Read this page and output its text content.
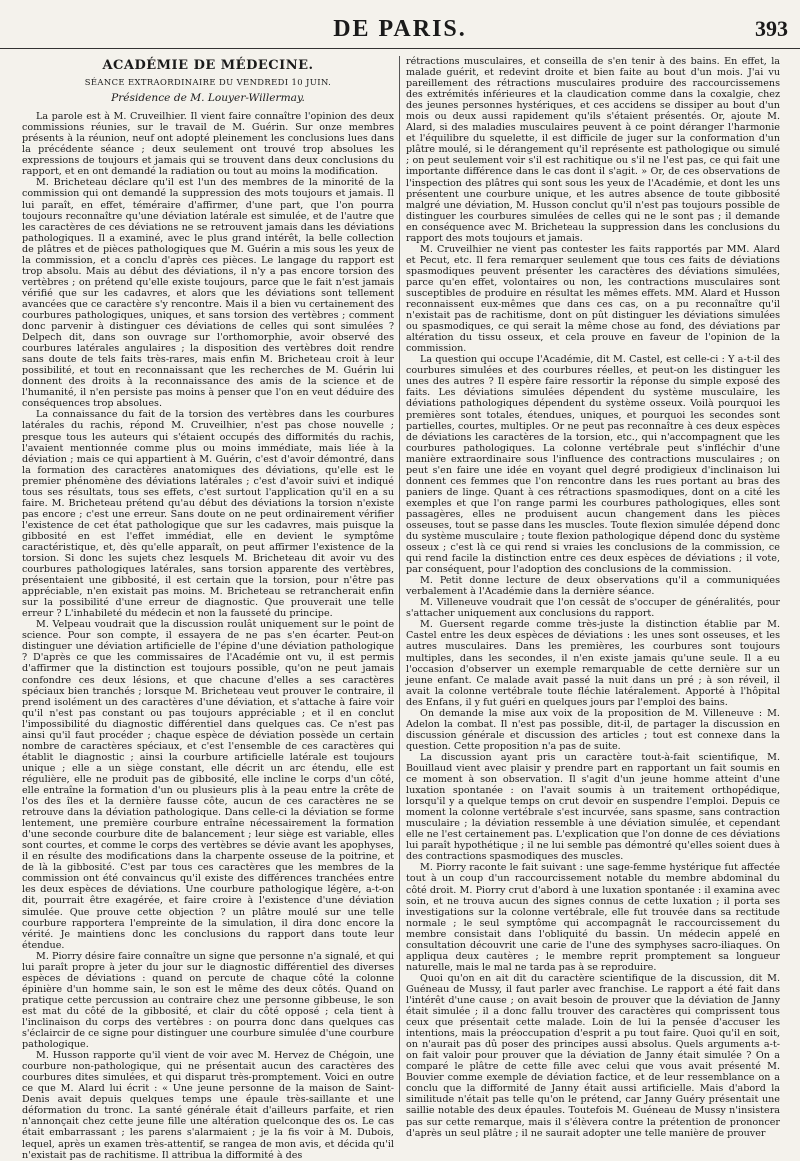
DE PARIS.	393
ACADÉMIE DE MÉDECINE.
SÉANCE EXTRAORDINAIRE DU VENDREDI 10 JUIN.
Présidence de M. Louyer-Willermay.

La parole est à M. Cruveilhier. Il vient faire connaître l'opinion des deux commissions réunies, sur le travail de M. Guérin. Sur onze membres présents à la réunion, neuf ont adopté pleinement les conclusions lues dans la précédente séance ; deux seulement ont trouvé trop absolues les expressions de toujours et jamais qui se trouvent dans deux conclusions du rapport, et en ont demandé la radiation ou tout au moins la modification.

M. Bricheteau déclare qu'il est l'un des membres de la minorité de la commission qui ont demandé la suppression des mots toujours et jamais. Il lui paraît, en effet, téméraire d'affirmer, d'une part, que l'on pourra toujours reconnaître qu'une déviation latérale est simulée, et de l'autre que les caractères de ces déviations ne se retrouvent jamais dans les déviations pathologiques. Il a examiné, avec le plus grand intérêt, la belle collection de plâtres et de pièces pathologiques que M. Guérin a mis sous les yeux de la commission, et a conclu d'après ces pièces. Le langage du rapport est trop absolu. Mais au début des déviations, il n'y a pas encore torsion des vertèbres ; on prétend qu'elle existe toujours, parce que le fait n'est jamais vérifié que sur les cadavres, et alors que les déviations sont tellement avancées que ce caractère s'y rencontre. Mais il a bien vu certainement des courbures pathologiques, uniques, et sans torsion des vertèbres ; comment donc parvenir à distinguer ces déviations de celles qui sont simulées ? Delpech dit, dans son ouvrage sur l'orthomorphie, avoir observé des courbures latérales angulaires ; la disposition des vertèbres doit rendre sans doute de tels faits très-rares, mais enfin M. Bricheteau croit à leur possibilité, et tout en reconnaissant que les recherches de M. Guérin lui donnent des droits à la reconnaissance des amis de la science et de l'humanité, il n'en persiste pas moins à penser que l'on en veut déduire des conséquences trop absolues.

La connaissance du fait de la torsion des vertèbres dans les courbures latérales du rachis, répond M. Cruveilhier, n'est pas chose nouvelle ; presque tous les auteurs qui s'étaient occupés des difformités du rachis, l'avaient mentionnée comme plus ou moins immédiate, mais liée à la déviation ; mais ce qui appartient à M. Guérin, c'est d'avoir démontré, dans la formation des caractères anatomiques des déviations, qu'elle est le premier phénomène des déviations latérales ; c'est d'avoir suivi et indiqué tous ses résultats, tous ses effets, c'est surtout l'application qu'il en a su faire. M. Bricheteau prétend qu'au début des déviations la torsion n'existe pas encore ; c'est une erreur. Sans doute on ne peut ordinairement vérifier l'existence de cet état pathologique que sur les cadavres, mais puisque la gibbosité en est l'effet immédiat, elle en devient le symptôme caractéristique, et, dès qu'elle apparaît, on peut affirmer l'existence de la torsion. Si donc les sujets chez lesquels M. Bricheteau dit avoir vu des courbures pathologiques latérales, sans torsion apparente des vertèbres, présentaient une gibbosité, il est certain que la torsion, pour n'être pas appréciable, n'en existait pas moins. M. Bricheteau se retrancherait enfin sur la possibilité d'une erreur de diagnostic. Que prouverait une telle erreur ? L'inhabileté du médecin et non la fausseté du principe.

M. Velpeau voudrait que la discussion roulât uniquement sur le point de science. Pour son compte, il essayera de ne pas s'en écarter. Peut-on distinguer une déviation artificielle de l'épine d'une déviation pathologique ? D'après ce que les commissaires de l'Académie ont vu, il est permis d'affirmer que la distinction est toujours possible, qu'on ne peut jamais confondre ces deux lésions, et que chacune d'elles a ses caractères spéciaux bien tranchés ; lorsque M. Bricheteau veut prouver le contraire, il prend isolément un des caractères d'une déviation, et s'attache à faire voir qu'il n'est pas constant ou pas toujours appréciable ; et il en conclut l'impossibilité du diagnostic différentiel dans quelques cas. Ce n'est pas ainsi qu'il faut procéder ; chaque espèce de déviation possède un certain nombre de caractères spéciaux, et c'est l'ensemble de ces caractères qui établit le diagnostic ; ainsi la courbure artificielle latérale est toujours unique ; elle a un siège constant, elle décrit un arc étendu, elle est régulière, elle ne produit pas de gibbosité, elle incline le corps d'un côté, elle entraîne la formation d'un ou plusieurs plis à la peau entre la crête de l'os des îles et la dernière fausse côte, aucun de ces caractères ne se retrouve dans la déviation pathologique. Dans celle-ci la déviation se forme lentement, une première courbure entraîne nécessairement la formation d'une seconde courbure dite de balancement ; leur siège est variable, elles sont courtes, et comme le corps des vertèbres se dévie avant les apophyses, il en résulte des modifications dans la charpente osseuse de la poitrine, et de là la gibbosité. C'est par tous ces caractères que les membres de la commission ont été convaincus qu'il existe des différences tranchées entre les deux espèces de déviations. Une courbure pathologique légère, a-t-on dit, pourrait être exagérée, et faire croire à l'existence d'une déviation simulée. Que prouve cette objection ? un plâtre moulé sur une telle courbure rapportera l'empreinte de la simulation, il dira donc encore la vérité. Je maintiens donc les conclusions du rapport dans toute leur étendue.

M. Piorry désire faire connaître un signe que personne n'a signalé, et qui lui paraît propre à jeter du jour sur le diagnostic différentiel des diverses espèces de déviations : quand on percute de chaque côté la colonne épinière d'un homme sain, le son est le même des deux côtés. Quand on pratique cette percussion au contraire chez une personne gibbeuse, le son est mat du côté de la gibbosité, et clair du côté opposé ; cela tient à l'inclinaison du corps des vertèbres : on pourra donc dans quelques cas s'éclaircir de ce signe pour distinguer une courbure simulée d'une courbure pathologique.

M. Husson rapporte qu'il vient de voir avec M. Hervez de Chégoin, une courbure non-pathologique, qui ne présentait aucun des caractères des courbures dites simulées, et qui disparut très-promptement. Voici en outre ce que M. Alard lui écrit : « Une jeune personne de la maison de Saint-Denis avait depuis quelques temps une épaule très-saillante et une déformation du tronc. La santé générale était d'ailleurs parfaite, et rien n'annonçait chez cette jeune fille une altération quelconque des os. Le cas était embarrassant ; les parens s'alarmaient ; je la fis voir à M. Dubois, lequel, après un examen très-attentif, se rangea de mon avis, et décida qu'il n'existait pas de rachitisme. Il attribua la difformité à des

rétractions musculaires, et conseilla de s'en tenir à des bains. En effet, la malade guérit, et redevint droite et bien faite au bout d'un mois. J'ai vu pareillement des rétractions musculaires produire des raccourcissemens des extrémités inférieures et la claudication comme dans la coxalgie, chez des jeunes personnes hystériques, et ces accidens se dissiper au bout d'un mois ou deux aussi rapidement qu'ils s'étaient présentés. Or, ajoute M. Alard, si des maladies musculaires peuvent à ce point déranger l'harmonie et l'équilibre du squelette, il est difficile de juger sur la conformation d'un plâtre moulé, si le dérangement qu'il représente est pathologique ou simulé ; on peut seulement voir s'il est rachitique ou s'il ne l'est pas, ce qui fait une importante différence dans le cas dont il s'agit. » Or, de ces observations de l'inspection des plâtres qui sont sous les yeux de l'Académie, et dont les uns présentent une courbure unique, et les autres absence de toute gibbosité malgré une déviation, M. Husson conclut qu'il n'est pas toujours possible de distinguer les courbures simulées de celles qui ne le sont pas ; il demande en conséquence avec M. Bricheteau la suppression dans les conclusions du rapport des mots toujours et jamais.

M. Cruveilhier ne vient pas contester les faits rapportés par MM. Alard et Pecut, etc. Il fera remarquer seulement que tous ces faits de déviations spasmodiques peuvent présenter les caractères des déviations simulées, parce qu'en effet, volontaires ou non, les contractions musculaires sont susceptibles de produire en résultat les mêmes effets. MM. Alard et Husson reconnaissent eux-mêmes que dans ces cas, on a pu reconnaître qu'il n'existait pas de rachitisme, dont on pût distinguer les déviations simulées ou spasmodiques, ce qui serait la même chose au fond, des déviations par altération du tissu osseux, et cela prouve en faveur de l'opinion de la commission.

La question qui occupe l'Académie, dit M. Castel, est celle-ci : Y a-t-il des courbures simulées et des courbures réelles, et peut-on les distinguer les unes des autres ? Il espère faire ressortir la réponse du simple exposé des faits. Les déviations simulées dépendent du système musculaire, les déviations pathologiques dépendent du système osseux. Voilà pourquoi les premières sont totales, étendues, uniques, et pourquoi les secondes sont partielles, courtes, multiples. Or ne peut pas reconnaître à ces deux espèces de déviations les caractères de la torsion, etc., qui n'accompagnent que les courbures pathologiques. La colonne vertébrale peut s'infléchir d'une manière extraordinaire sous l'influence des contractions musculaires ; on peut s'en faire une idée en voyant quel degré prodigieux d'inclinaison lui donnent ces femmes que l'on rencontre dans les rues portant au bras des paniers de linge. Quant à ces rétractions spasmodiques, dont on a cité les exemples et que l'on range parmi les courbures pathologiques, elles sont passagères, elles ne produisent aucun changement dans les pièces osseuses, tout se passe dans les muscles. Toute flexion simulée dépend donc du système musculaire ; toute flexion pathologique dépend donc du système osseux ; c'est là ce qui rend si vraies les conclusions de la commission, ce qui rend facile la distinction entre ces deux espèces de déviations ; il vote, par conséquent, pour l'adoption des conclusions de la commission.

M. Petit donne lecture de deux observations qu'il a communiquées verbalement à l'Académie dans la dernière séance.

M. Villeneuve voudrait que l'on cessât de s'occuper de généralités, pour s'attacher uniquement aux conclusions du rapport.

M. Guersent regarde comme très-juste la distinction établie par M. Castel entre les deux espèces de déviations : les unes sont osseuses, et les autres musculaires. Dans les premières, les courbures sont toujours multiples, dans les secondes, il n'en existe jamais qu'une seule. Il a eu l'occasion d'observer un exemple remarquable de cette dernière sur un jeune enfant. Ce malade avait passé la nuit dans un pré ; à son réveil, il avait la colonne vertébrale toute fléchie latéralement. Apporté à l'hôpital des Enfans, il y fut guéri en quelques jours par l'emploi des bains.

On demande la mise aux voix de la proposition de M. Villeneuve : M. Adelon la combat. Il n'est pas possible, dit-il, de partager la discussion en discussion générale et discussion des articles ; tout est connexe dans la question. Cette proposition n'a pas de suite.

La discussion ayant pris un caractère tout-à-fait scientifique, M. Bouillaud vient avec plaisir y prendre part en rapportant un fait soumis en ce moment à son observation. Il s'agit d'un jeune homme atteint d'une luxation spontanée : on l'avait soumis à un traitement orthopédique, lorsqu'il y a quelque temps on crut devoir en suspendre l'emploi. Depuis ce moment la colonne vertébrale s'est incurvée, sans spasme, sans contraction musculaire ; la déviation ressemble à une déviation simulée, et cependant elle ne l'est certainement pas. L'explication que l'on donne de ces déviations lui paraît hypothétique ; il ne lui semble pas démontré qu'elles soient dues à des contractions spasmodiques des muscles.

M. Piorry raconte le fait suivant : une sage-femme hystérique fut affectée tout à un coup d'un raccourcissement notable du membre abdominal du côté droit. M. Piorry crut d'abord à une luxation spontanée : il examina avec soin, et ne trouva aucun des signes connus de cette luxation ; il porta ses investigations sur la colonne vertébrale, elle fut trouvée dans sa rectitude normale ; le seul symptôme qui accompagnât le raccourcissement du membre consistait dans l'obliquité du bassin. Un médecin appelé en consultation découvrit une carie de l'une des symphyses sacro-iliaques. On appliqua deux cautères ; le membre reprit promptement sa longueur naturelle, mais le mal ne tarda pas à se reproduire.

Quoi qu'on en ait dit du caractère scientifique de la discussion, dit M. Guéneau de Mussy, il faut parler avec franchise. Le rapport a été fait dans l'intérêt d'une cause ; on avait besoin de prouver que la déviation de Janny était simulée ; il a donc fallu trouver des caractères qui comprissent tous ceux que présentait cette malade. Loin de lui la pensée d'accuser les intentions, mais la préoccupation d'esprit a pu tout faire. Quoi qu'il en soit, on n'aurait pas dû poser des principes aussi absolus. Quels arguments a-t-on fait valoir pour prouver que la déviation de Janny était simulée ? On a comparé le plâtre de cette fille avec celui que vous avait présenté M. Bouvier comme exemple de déviation factice, et de leur ressemblance on a conclu que la difformité de Janny était aussi artificielle. Mais d'abord la similitude n'était pas telle qu'on le prétend, car Janny Guéry présentait une saillie notable des deux épaules. Toutefois M. Guéneau de Mussy n'insistera pas sur cette remarque, mais il s'élèvera contre la prétention de prononcer d'après un seul plâtre ; il ne saurait adopter une telle manière de prouver
